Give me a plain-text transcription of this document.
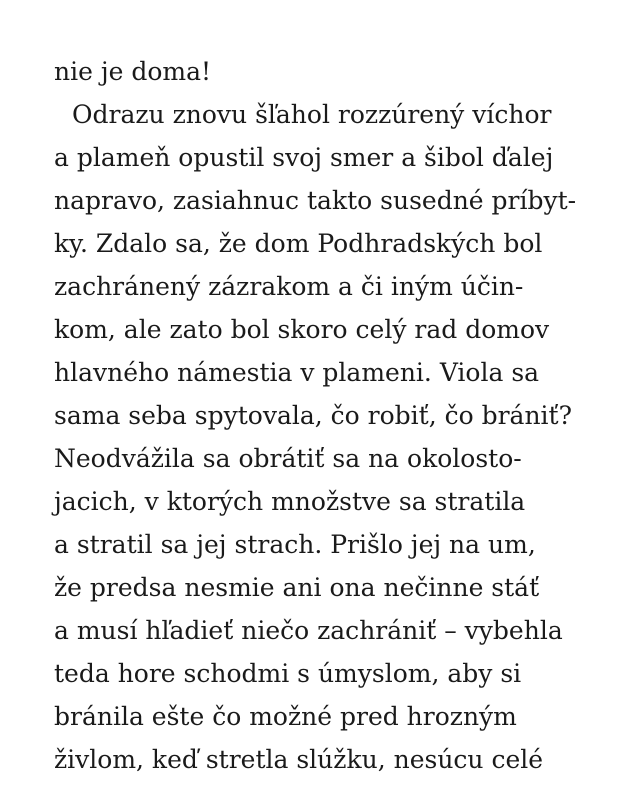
nie je doma!
Odrazu znovu šľahol rozzúrený víchor
a plameň opustil svoj smer a šibol ďalej
napravo, zasiahnuc takto susedné príbyt-
ky. Zdalo sa, že dom Podhradských bol
zachránený zázrakom a či iným účin-
kom, ale zato bol skoro celý rad domov
hlavného námestia v plameni. Viola sa
sama seba spytovala, čo robiť, čo brániť?
Neodvážila sa obrátiť sa na okolosto-
jacich, v ktorých množstve sa stratila
a stratil sa jej strach. Prišlo jej na um,
že predsa nesmie ani ona nečinne stáť
a musí hľadieť niečo zachrániť – vybehla
teda hore schodmi s úmyslom, aby si
bránila ešte čo možné pred hrozným
živlom, keď stretla slúžku, nesúcu celé
